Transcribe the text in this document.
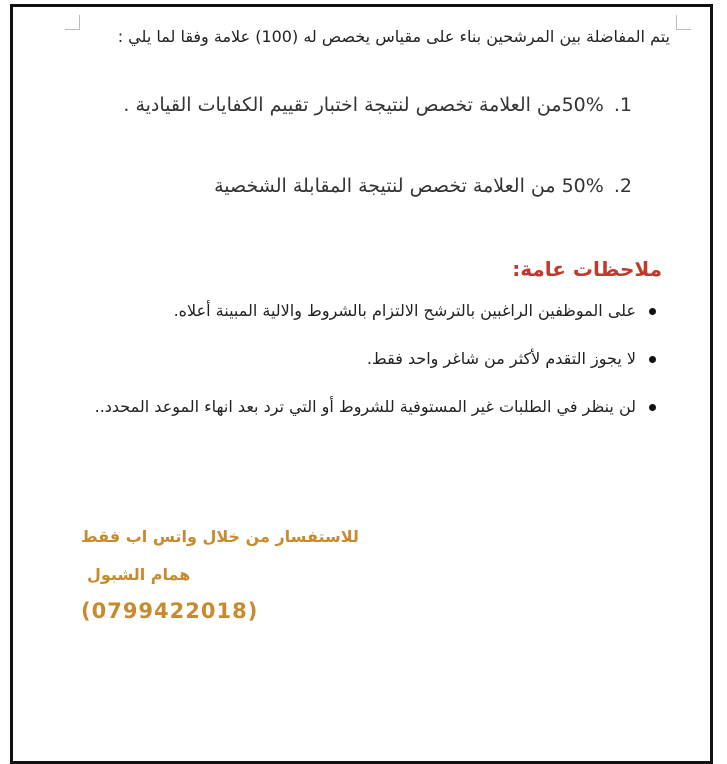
يتم المفاضلة بين المرشحين بناء على مقياس يخصص له (100) علامة وفقا لما يلي :
1. 50%من العلامة تخصص لنتيجة اختبار تقييم الكفايات القيادية .
2. 50% من العلامة تخصص لنتيجة المقابلة الشخصية
ملاحظات عامة:
على الموظفين الراغبين بالترشح الالتزام بالشروط والالية المبينة أعلاه.
لا يجوز التقدم لأكثر من شاغر واحد فقط.
لن ينظر في الطلبات غير المستوفية للشروط أو التي ترد بعد انهاء الموعد المحدد..
للاستفسار من خلال واتس اب فقط
همام الشبول
(0799422018)
